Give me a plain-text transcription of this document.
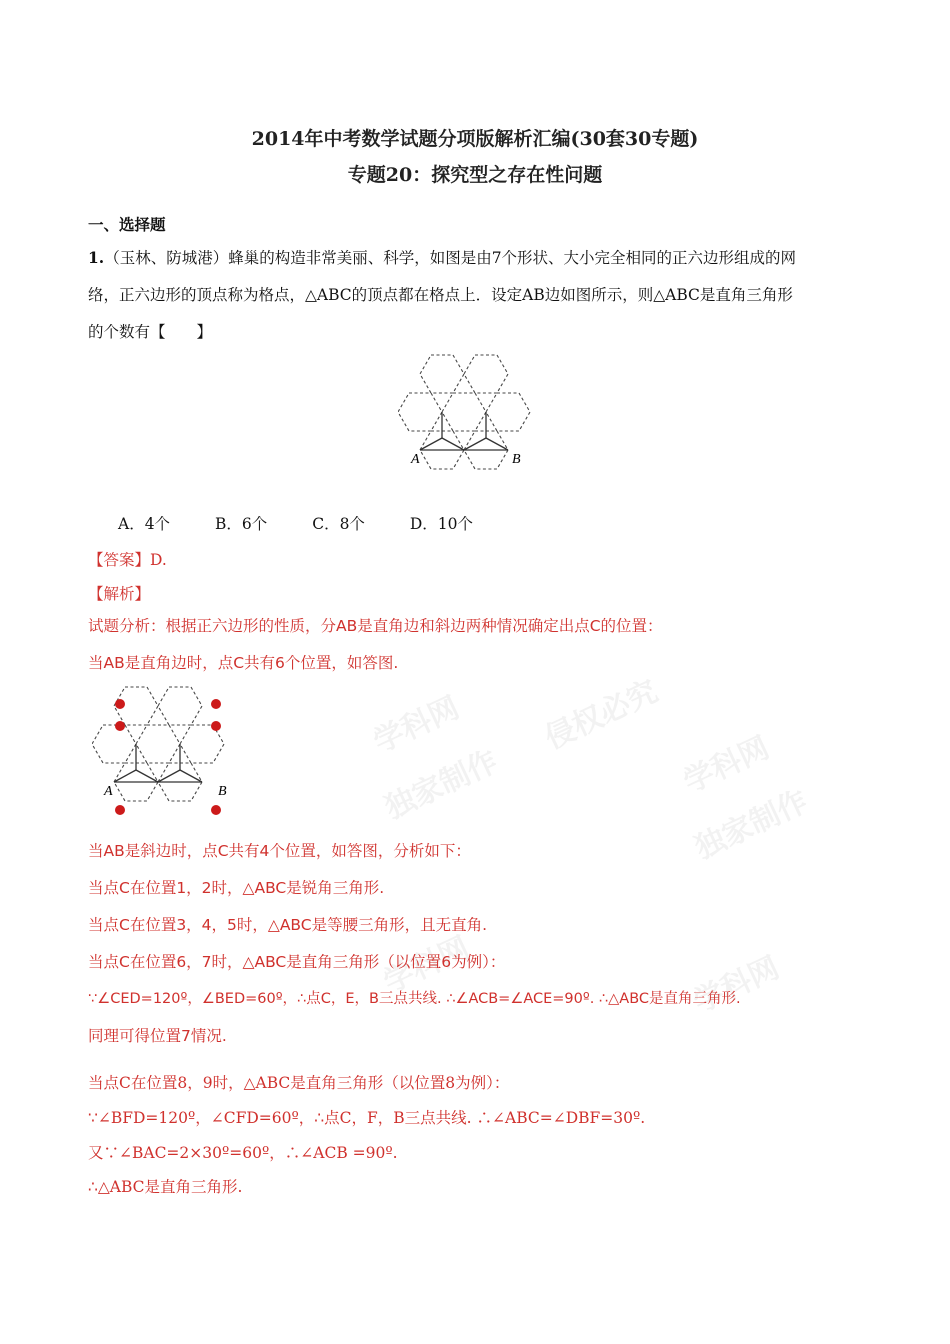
2014年中考数学试题分项版解析汇编(30套30专题)
专题20：探究型之存在性问题
一、选择题
1.（玉林、防城港）蜂巢的构造非常美丽、科学，如图是由7个形状、大小完全相同的正六边形组成的网
络，正六边形的顶点称为格点，△ABC的顶点都在格点上．设定AB边如图所示，则△ABC是直角三角形
的个数有【　　】
A	B
A．4个	B．6个	C．8个	D．10个
【答案】D.
【解析】
试题分析：根据正六边形的性质，分AB是直角边和斜边两种情况确定出点C的位置：
当AB是直角边时，点C共有6个位置，如答图.
A	B
学科网	侵权必究
独家制作	学科网
独家制作
学科网	学科网
当AB是斜边时，点C共有4个位置，如答图，分析如下：
当点C在位置1，2时，△ABC是锐角三角形.
当点C在位置3，4，5时，△ABC是等腰三角形，且无直角.
当点C在位置6，7时，△ABC是直角三角形（以位置6为例）：
∵∠CED=120º，∠BED=60º，∴点C，E，B三点共线. ∴∠ACB=∠ACE=90º. ∴△ABC是直角三角形.
同理可得位置7情况.
当点C在位置8，9时，△ABC是直角三角形（以位置8为例）：
∵∠BFD=120º，∠CFD=60º，∴点C，F，B三点共线. ∴∠ABC=∠DBF=30º.
又∵∠BAC=2×30º=60º，∴∠ACB =90º.
∴△ABC是直角三角形.
